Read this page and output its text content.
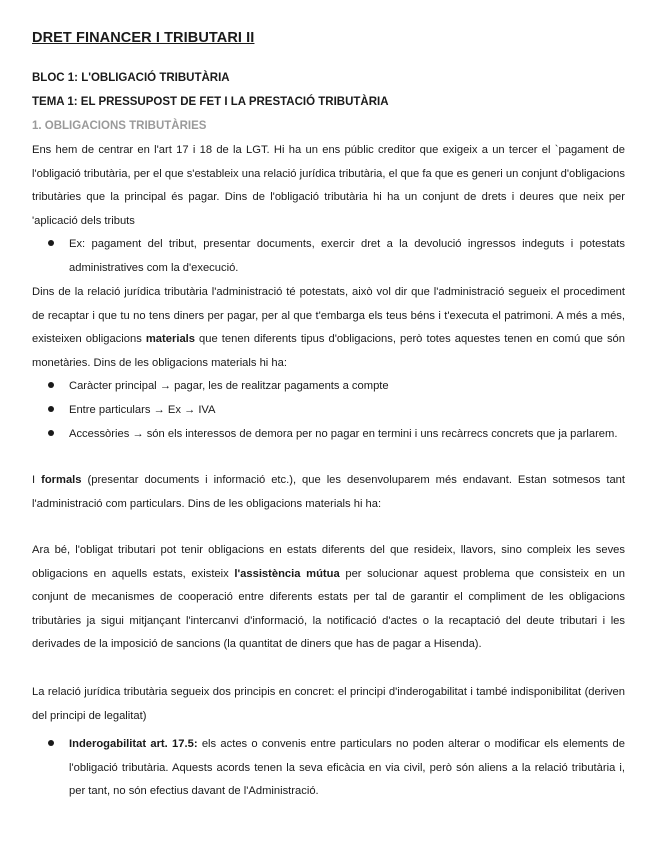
DRET FINANCER I TRIBUTARI II
BLOC 1: L'OBLIGACIÓ TRIBUTÀRIA
TEMA 1: EL PRESSUPOST DE FET I LA PRESTACIÓ TRIBUTÀRIA
1. OBLIGACIONS TRIBUTÀRIES
Ens hem de centrar en l'art 17 i 18 de la LGT. Hi ha un ens públic creditor que exigeix a un tercer el `pagament de l'obligació tributària, per el que s'estableix una relació jurídica tributària, el que fa que es generi un conjunt d'obligacions tributàries que la principal és pagar. Dins de l'obligació tributària hi ha un conjunt de drets i deures que neix per 'aplicació dels tributs
Ex: pagament del tribut, presentar documents, exercir dret a la devolució ingressos indeguts i potestats administratives com la d'execució.
Dins de la relació jurídica tributària l'administració té potestats, això vol dir que l'administració segueix el procediment de recaptar i que tu no tens diners per pagar, per al que t'embarga els teus béns i t'executa el patrimoni. A més a més, existeixen obligacions materials que tenen diferents tipus d'obligacions, però totes aquestes tenen en comú que són monetàries. Dins de les obligacions materials hi ha:
Caràcter principal → pagar, les de realitzar pagaments a compte
Entre particulars → Ex → IVA
Accessòries → són els interessos de demora per no pagar en termini i uns recàrrecs concrets que ja parlarem.
I formals (presentar documents i informació etc.), que les desenvoluparem més endavant. Estan sotmesos tant l'administració com particulars. Dins de les obligacions materials hi ha:
Ara bé, l'obligat tributari pot tenir obligacions en estats diferents del que resideix, llavors, sino compleix les seves obligacions en aquells estats, existeix l'assistència mútua per solucionar aquest problema que consisteix en un conjunt de mecanismes de cooperació entre diferents estats per tal de garantir el compliment de les obligacions tributàries ja sigui mitjançant l'intercanvi d'informació, la notificació d'actes o la recaptació del deute tributari i les derivades de la imposició de sancions (la quantitat de diners que has de pagar a Hisenda).
La relació jurídica tributària segueix dos principis en concret: el principi d'inderogabilitat i també indisponibilitat (deriven del principi de legalitat)
Inderogabilitat art. 17.5: els actes o convenis entre particulars no poden alterar o modificar els elements de l'obligació tributària. Aquests acords tenen la seva eficàcia en via civil, però són aliens a la relació tributària i, per tant, no són efectius davant de l'Administració.
